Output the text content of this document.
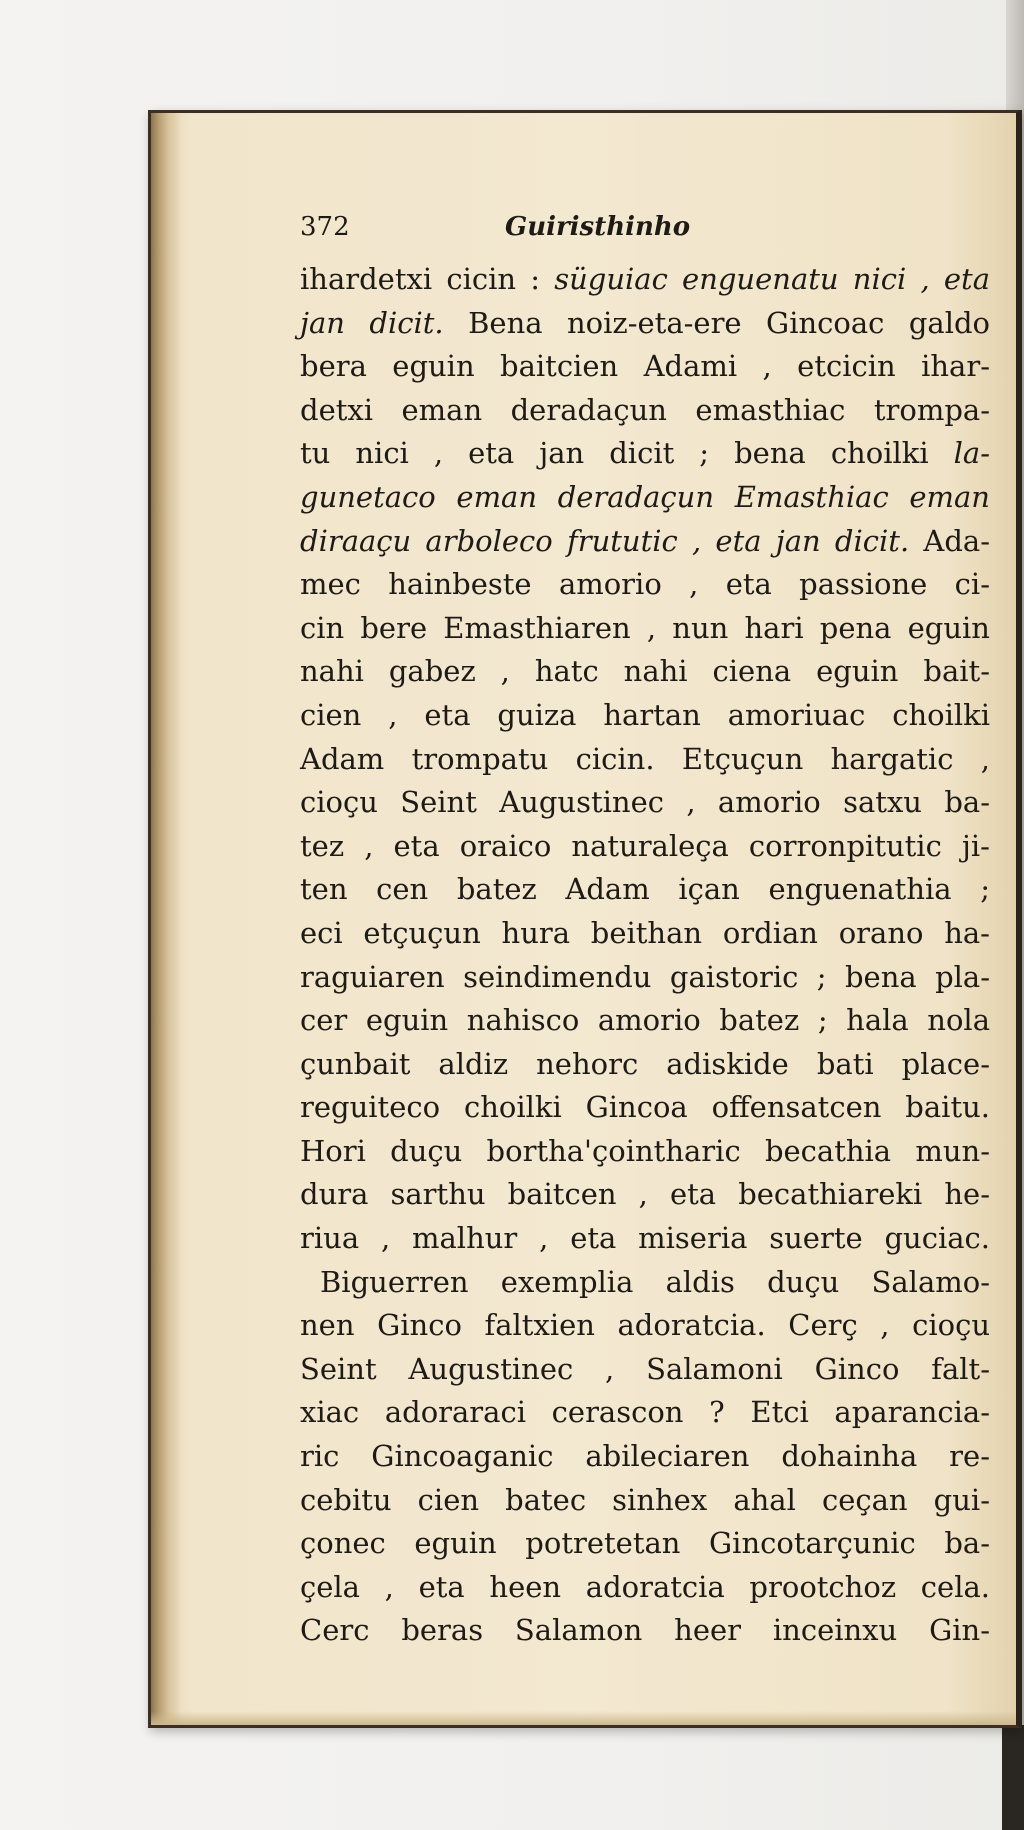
372	Guiristhinho
ihardetxi cicin : süguiac enguenatu nici , eta
jan dicit. Bena noiz-eta-ere Gincoac galdo
bera eguin baitcien Adami , etcicin ihar-
detxi eman deradaçun emasthiac trompa-
tu nici , eta jan dicit ; bena choilki la-
gunetaco eman deradaçun Emasthiac eman
diraaçu arboleco frututic , eta jan dicit. Ada-
mec hainbeste amorio , eta passione ci-
cin bere Emasthiaren , nun hari pena eguin
nahi gabez , hatc nahi ciena eguin bait-
cien , eta guiza hartan amoriuac choilki
Adam trompatu cicin. Etçuçun hargatic ,
cioçu Seint Augustinec , amorio satxu ba-
tez , eta oraico naturaleça corronpitutic ji-
ten cen batez Adam içan enguenathia ;
eci etçuçun hura beithan ordian orano ha-
raguiaren seindimendu gaistoric ; bena pla-
cer eguin nahisco amorio batez ; hala nola
çunbait aldiz nehorc adiskide bati place-
reguiteco choilki Gincoa offensatcen baitu.
Hori duçu bortha'çointharic becathia mun-
dura sarthu baitcen , eta becathiareki he-
riua , malhur , eta miseria suerte guciac.
Biguerren exemplia aldis duçu Salamo-
nen Ginco faltxien adoratcia. Cerç , cioçu
Seint Augustinec , Salamoni Ginco falt-
xiac adoraraci cerascon ? Etci aparancia-
ric Gincoaganic abileciaren dohainha re-
cebitu cien batec sinhex ahal ceçan gui-
çonec eguin potretetan Gincotarçunic ba-
çela , eta heen adoratcia prootchoz cela.
Cerc beras Salamon heer inceinxu Gin-
